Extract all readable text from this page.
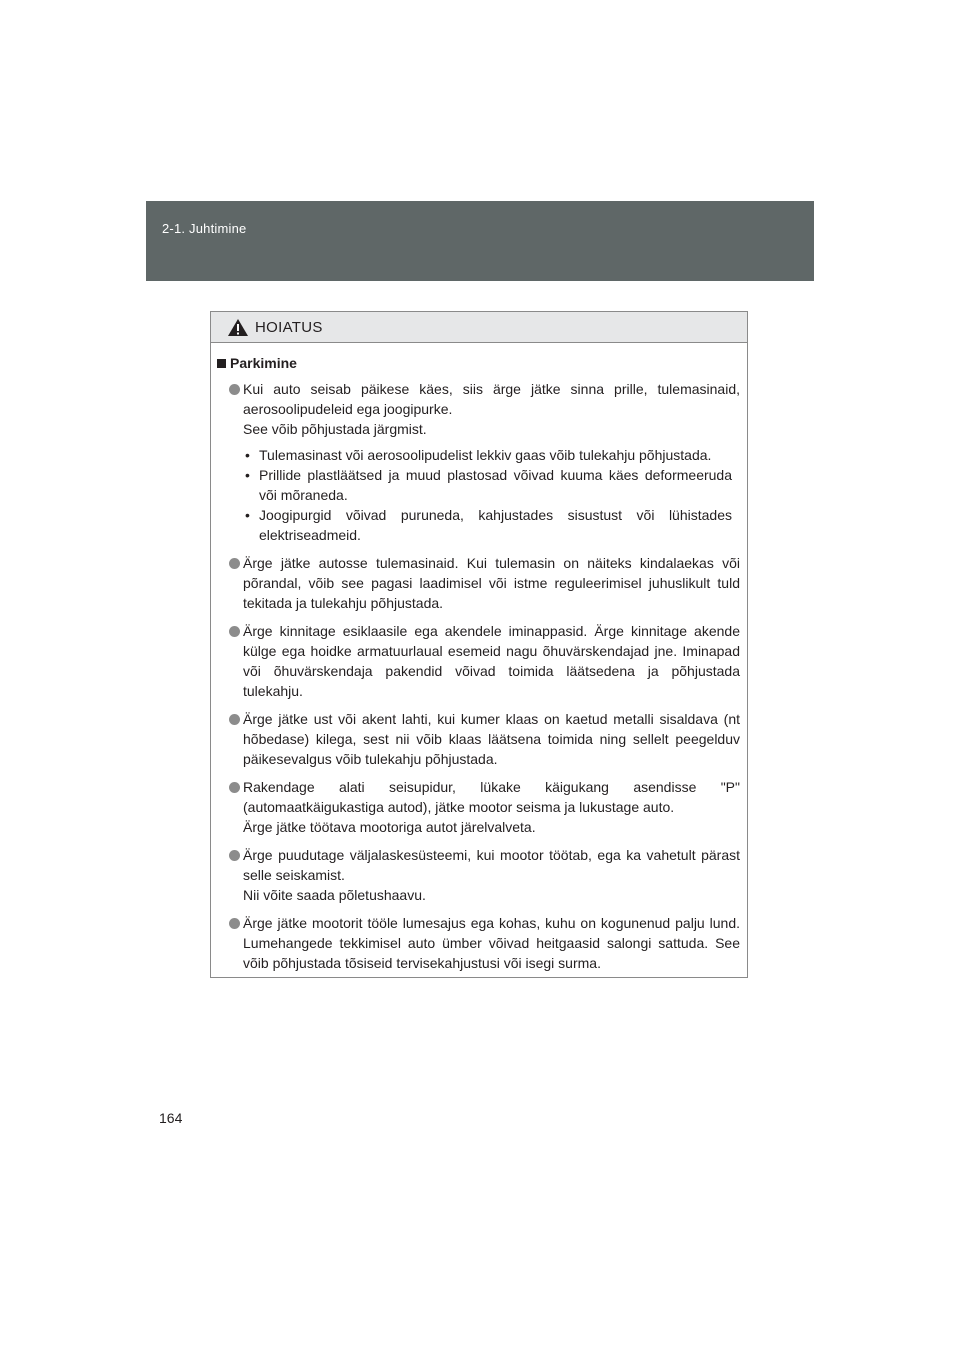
2-1. Juhtimine
HOIATUS
Parkimine
Kui auto seisab päikese käes, siis ärge jätke sinna prille, tulemasinaid, aerosoolipudeleid ega joogipurke.
See võib põhjustada järgmist.
• Tulemasinast või aerosoolipudelist lekkiv gaas võib tulekahju põhjustada.
• Prillide plastläätsed ja muud plastosad võivad kuuma käes deformeeruda või mõraneda.
• Joogipurgid võivad puruneda, kahjustades sisustust või lühistades elektriseadmeid.
Ärge jätke autosse tulemasinaid. Kui tulemasin on näiteks kindalaekas või põrandal, võib see pagasi laadimisel või istme reguleerimisel juhuslikult tuld tekitada ja tulekahju põhjustada.
Ärge kinnitage esiklaasile ega akendele iminappasid. Ärge kinnitage akende külge ega hoidke armatuurlaual esemeid nagu õhuvärskendajad jne. Iminapad või õhuvärskendaja pakendid võivad toimida läätsedena ja põhjustada tulekahju.
Ärge jätke ust või akent lahti, kui kumer klaas on kaetud metalli sisaldava (nt hõbedase) kilega, sest nii võib klaas läätsena toimida ning sellelt peegelduv päikesevalgus võib tulekahju põhjustada.
Rakendage alati seisupidur, lükake käigukang asendisse "P" (automaatkäigukastiga autod), jätke mootor seisma ja lukustage auto.
Ärge jätke töötava mootoriga autot järelvalveta.
Ärge puudutage väljalaskesüsteemi, kui mootor töötab, ega ka vahetult pärast selle seiskamist.
Nii võite saada põletushaavu.
Ärge jätke mootorit tööle lumesajus ega kohas, kuhu on kogunenud palju lund. Lumehangede tekkimisel auto ümber võivad heitgaasid salongi sattuda. See võib põhjustada tõsiseid tervisekahjustusi või isegi surma.
164
